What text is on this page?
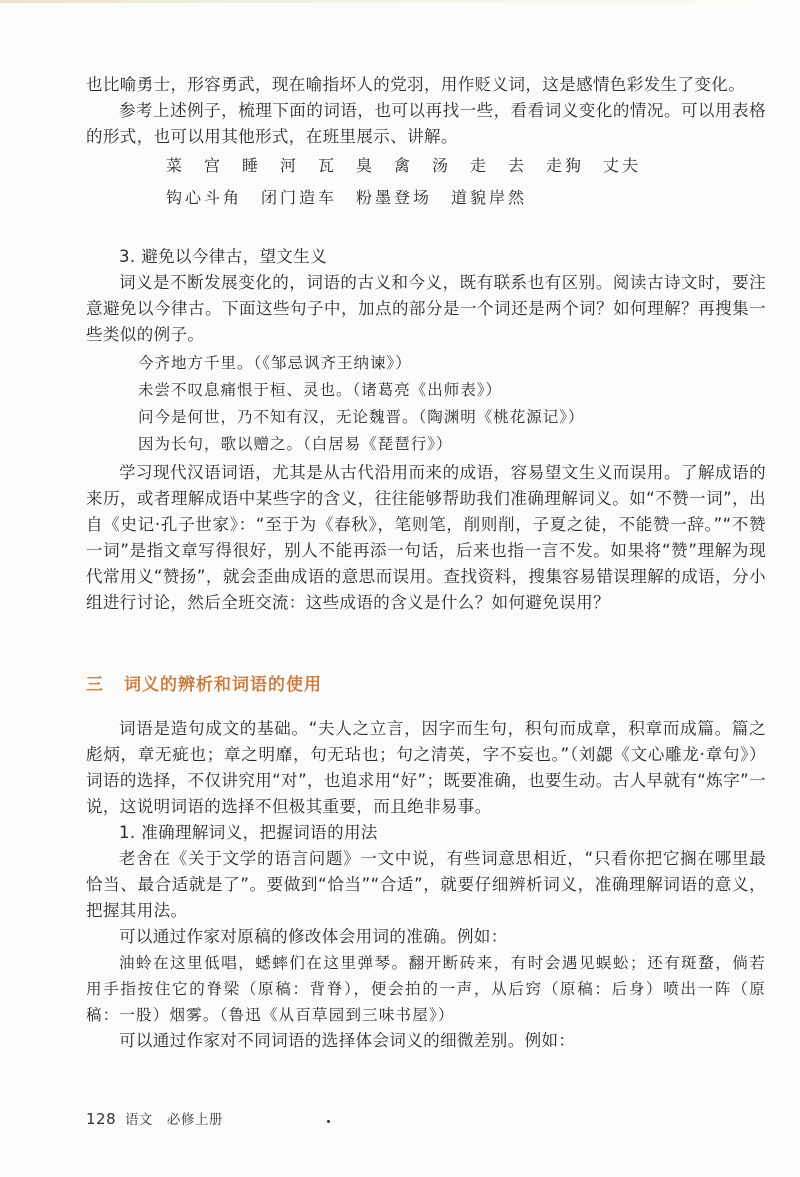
也比喻勇士，形容勇武，现在喻指坏人的党羽，用作贬义词，这是感情色彩发生了变化。

参考上述例子，梳理下面的词语，也可以再找一些，看看词义变化的情况。可以用表格的形式，也可以用其他形式，在班里展示、讲解。

菜　宫　睡　河　瓦　臭　禽　汤　走　去　走狗　丈夫

钩心斗角　闭门造车　粉墨登场　道貌岸然

3. 避免以今律古，望文生义

词义是不断发展变化的，词语的古义和今义，既有联系也有区别。阅读古诗文时，要注意避免以今律古。下面这些句子中，加点的部分是一个词还是两个词？如何理解？再搜集一些类似的例子。

今齐地方千里。（《邹忌讽齐王纳谏》）

未尝不叹息痛恨于桓、灵也。（诸葛亮《出师表》）

问今是何世，乃不知有汉，无论魏晋。（陶渊明《桃花源记》）

因为长句，歌以赠之。（白居易《琵琶行》）

学习现代汉语词语，尤其是从古代沿用而来的成语，容易望文生义而误用。了解成语的来历，或者理解成语中某些字的含义，往往能够帮助我们准确理解词义。如“不赞一词”，出自《史记·孔子世家》：“至于为《春秋》，笔则笔，削则削，子夏之徒，不能赞一辞。”“不赞一词”是指文章写得很好，别人不能再添一句话，后来也指一言不发。如果将“赞”理解为现代常用义“赞扬”，就会歪曲成语的意思而误用。查找资料，搜集容易错误理解的成语，分小组进行讨论，然后全班交流：这些成语的含义是什么？如何避免误用？

三 词义的辨析和词语的使用

词语是造句成文的基础。“夫人之立言，因字而生句，积句而成章，积章而成篇。篇之彪炳，章无疵也；章之明靡，句无玷也；句之清英，字不妄也。”（刘勰《文心雕龙·章句》）词语的选择，不仅讲究用“对”，也追求用“好”；既要准确，也要生动。古人早就有“炼字”一说，这说明词语的选择不但极其重要，而且绝非易事。

1. 准确理解词义，把握词语的用法

老舍在《关于文学的语言问题》一文中说，有些词意思相近，“只看你把它搁在哪里最恰当、最合适就是了”。要做到“恰当”“合适”，就要仔细辨析词义，准确理解词语的意义，把握其用法。

可以通过作家对原稿的修改体会用词的准确。例如：

油蛉在这里低唱，蟋蟀们在这里弹琴。翻开断砖来，有时会遇见蜈蚣；还有斑蝥，倘若用手指按住它的脊梁（原稿：背脊），便会拍的一声，从后窍（原稿：后身）喷出一阵（原稿：一股）烟雾。（鲁迅《从百草园到三味书屋》）

可以通过作家对不同词语的选择体会词义的细微差别。例如：

128 语文　必修上册
